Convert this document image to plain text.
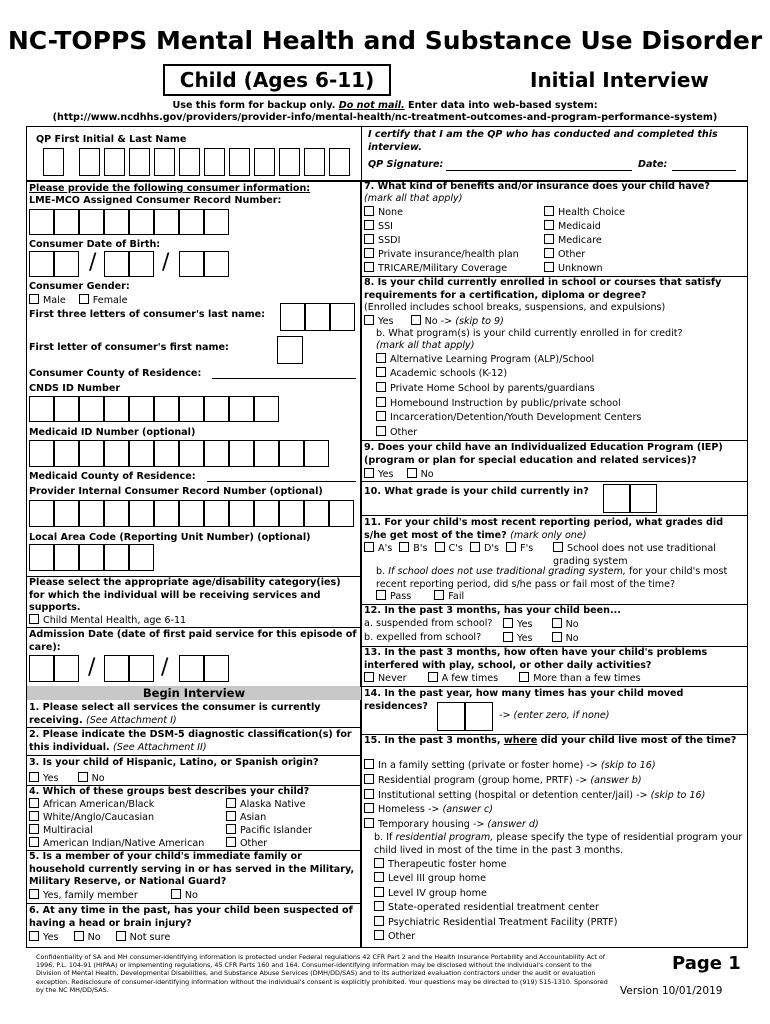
NC-TOPPS Mental Health and Substance Use Disorder
Child (Ages 6-11)	Initial Interview
Use this form for backup only. Do not mail. Enter data into web-based system:
(http://www.ncdhhs.gov/providers/provider-info/mental-health/nc-treatment-outcomes-and-program-performance-system)
QP First Initial & Last Name	I certify that I am the QP who has conducted and completed this interview.
QP Signature:	Date:
Please provide the following consumer information:
LME-MCO Assigned Consumer Record Number:
Consumer Date of Birth:
/	/
Consumer Gender:
Male	Female
First three letters of consumer's last name:
First letter of consumer's first name:
Consumer County of Residence:
CNDS ID Number
Medicaid ID Number (optional)
Medicaid County of Residence:
Provider Internal Consumer Record Number (optional)
Local Area Code (Reporting Unit Number) (optional)
Please select the appropriate age/disability category(ies) for which the individual will be receiving services and supports.
Child Mental Health, age 6-11
Admission Date (date of first paid service for this episode of care):
/	/
Begin Interview
1. Please select all services the consumer is currently receiving. (See Attachment I)
2. Please indicate the DSM-5 diagnostic classification(s) for this individual. (See Attachment II)
3. Is your child of Hispanic, Latino, or Spanish origin?
Yes	No
4. Which of these groups best describes your child?
African American/Black	Alaska Native
White/Anglo/Caucasian	Asian
Multiracial	Pacific Islander
American Indian/Native American	Other
5. Is a member of your child's immediate family or household currently serving in or has served in the Military, Military Reserve, or National Guard?
Yes, family member	No
6. At any time in the past, has your child been suspected of having a head or brain injury?
Yes	No	Not sure
7. What kind of benefits and/or insurance does your child have?
(mark all that apply)
None	Health Choice
SSI	Medicaid
SSDI	Medicare
Private insurance/health plan	Other
TRICARE/Military Coverage	Unknown
8. Is your child currently enrolled in school or courses that satisfy requirements for a certification, diploma or degree?
(Enrolled includes school breaks, suspensions, and expulsions)
Yes	No -> (skip to 9)
b. What program(s) is your child currently enrolled in for credit?
(mark all that apply)
Alternative Learning Program (ALP)/School
Academic schools (K-12)
Private Home School by parents/guardians
Homebound Instruction by public/private school
Incarceration/Detention/Youth Development Centers
Other
9. Does your child have an Individualized Education Program (IEP) (program or plan for special education and related services)?
Yes	No
10. What grade is your child currently in?
11. For your child's most recent reporting period, what grades did s/he get most of the time? (mark only one)
A's B's C's D's F's	School does not use traditional grading system
b. If school does not use traditional grading system, for your child's most recent reporting period, did s/he pass or fail most of the time?
Pass	Fail
12. In the past 3 months, has your child been...
a. suspended from school?	Yes	No
b. expelled from school?	Yes	No
13. In the past 3 months, how often have your child's problems interfered with play, school, or other daily activities?
Never	A few times	More than a few times
14. In the past year, how many times has your child moved residences?
-> (enter zero, if none)
15. In the past 3 months, where did your child live most of the time?
In a family setting (private or foster home) -> (skip to 16)
Residential program (group home, PRTF) -> (answer b)
Institutional setting (hospital or detention center/jail) -> (skip to 16)
Homeless -> (answer c)
Temporary housing -> (answer d)
b. If residential program, please specify the type of residential program your child lived in most of the time in the past 3 months.
Therapeutic foster home
Level III group home
Level IV group home
State-operated residential treatment center
Psychiatric Residential Treatment Facility (PRTF)
Other
Confidentiality of SA and MH consumer-identifying information is protected under Federal regulations 42 CFR Part 2 and the Health Insurance Portability and Accountability Act of 1996, P.L. 104-91 (HIPAA) or implementing regulations, 45 CFR Parts 160 and 164. Consumer-identifying information may be disclosed without the individual's consent to the Division of Mental Health, Developmental Disabilities, and Substance Abuse Services (DMH/DD/SAS) and to its authorized evaluation contractors under the audit or evaluation exception. Redisclosure of consumer-identifying information without the individual's consent is explicitly prohibited. Your questions may be directed to (919) 515-1310. Sponsored by the NC MH/DD/SAS.
Page 1
Version 10/01/2019
